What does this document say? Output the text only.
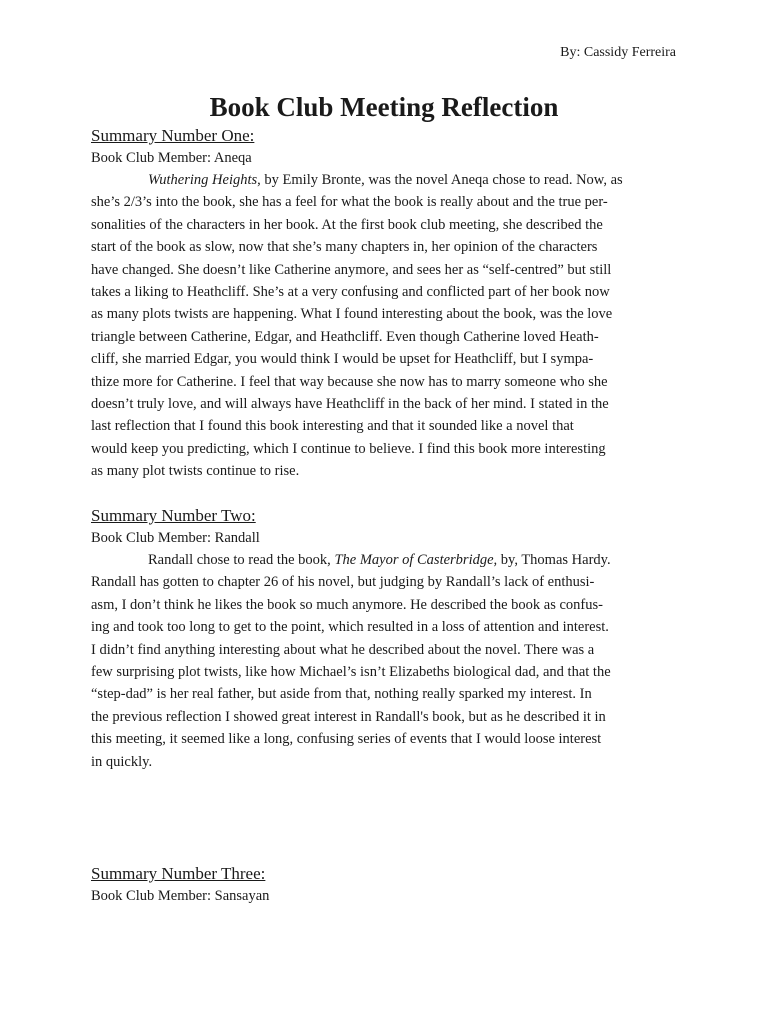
By: Cassidy Ferreira
Book Club Meeting Reflection

Summary Number One:

Book Club Member: Aneqa

Wuthering Heights, by Emily Bronte, was the novel Aneqa chose to read. Now, as
she’s 2/3’s into the book, she has a feel for what the book is really about and the true per-
sonalities of the characters in her book. At the first book club meeting, she described the
start of the book as slow, now that she’s many chapters in, her opinion of the characters
have changed. She doesn’t like Catherine anymore, and sees her as “self-centred” but still
takes a liking to Heathcliff. She’s at a very confusing and conflicted part of her book now
as many plots twists are happening. What I found interesting about the book, was the love
triangle between Catherine, Edgar, and Heathcliff. Even though Catherine loved Heath-
cliff, she married Edgar, you would think I would be upset for Heathcliff, but I sympa-
thize more for Catherine. I feel that way because she now has to marry someone who she
doesn’t truly love, and will always have Heathcliff in the back of her mind. I stated in the
last reflection that I found this book interesting and that it sounded like a novel that
would keep you predicting, which I continue to believe. I find this book more interesting
as many plot twists continue to rise.

Summary Number Two:

Book Club Member: Randall

Randall chose to read the book, The Mayor of Casterbridge, by, Thomas Hardy.
Randall has gotten to chapter 26 of his novel, but judging by Randall’s lack of enthusi-
asm, I don’t think he likes the book so much anymore. He described the book as confus-
ing and took too long to get to the point, which resulted in a loss of attention and interest.
I didn’t find anything interesting about what he described about the novel. There was a
few surprising plot twists, like how Michael’s isn’t Elizabeths biological dad, and that the
“step-dad” is her real father, but aside from that, nothing really sparked my interest. In
the previous reflection I showed great interest in Randall's book, but as he described it in
this meeting, it seemed like a long, confusing series of events that I would loose interest
in quickly.

Summary Number Three:

Book Club Member: Sansayan
